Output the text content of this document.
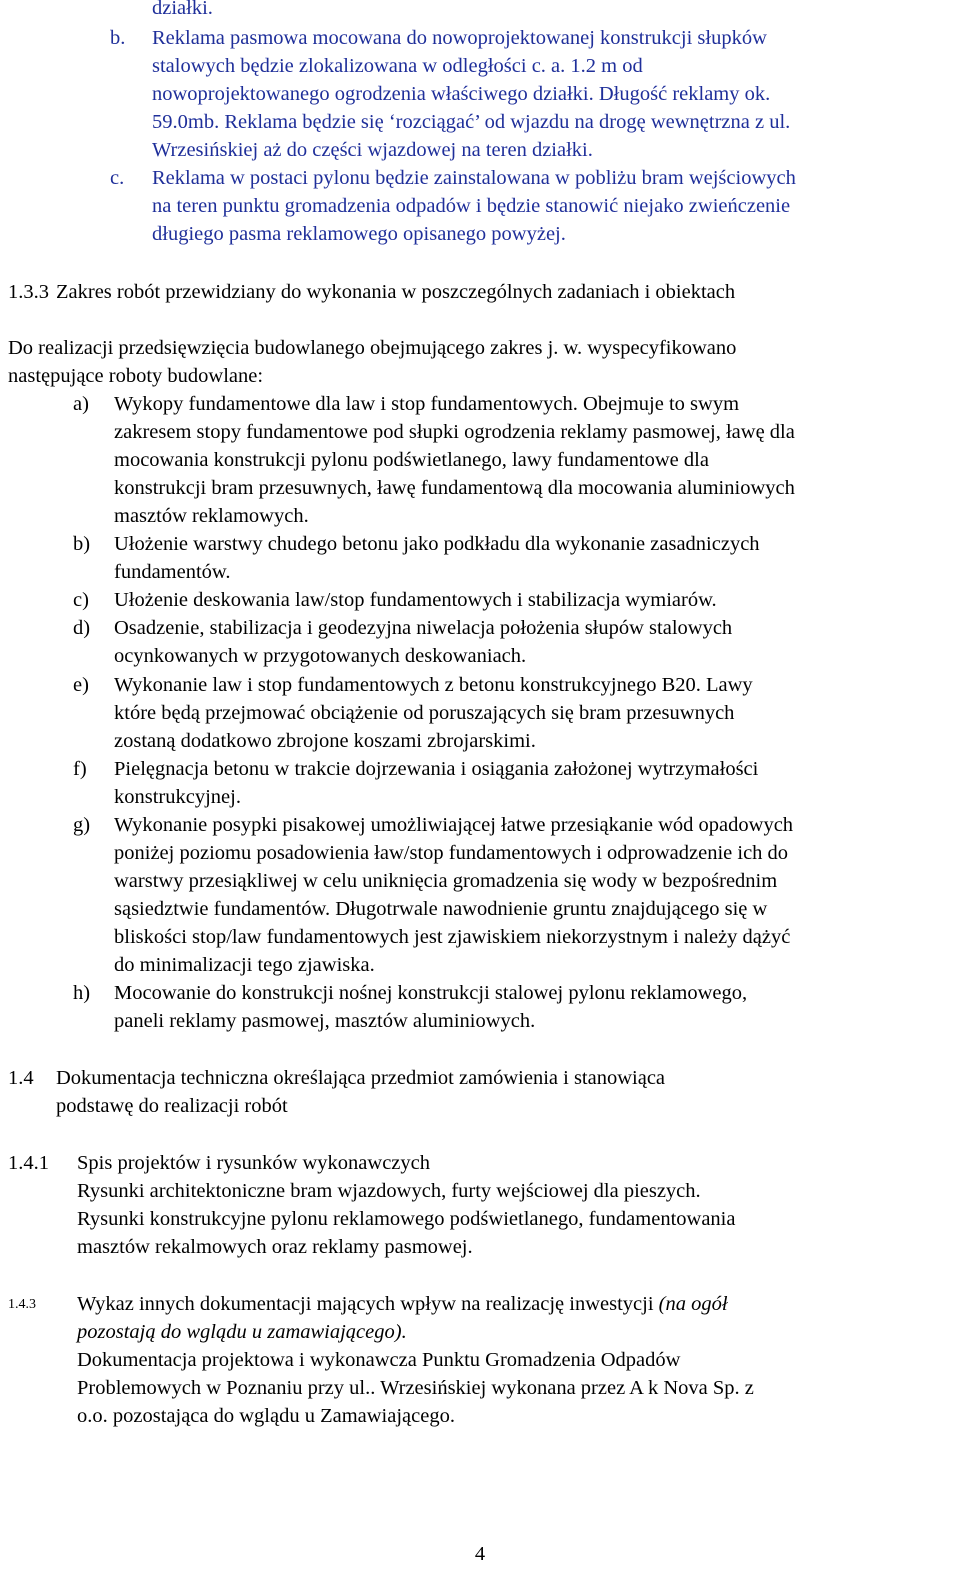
działki.
b. Reklama pasmowa mocowana do nowoprojektowanej konstrukcji słupków
stalowych będzie zlokalizowana w odległości c. a. 1.2 m od
nowoprojektowanego ogrodzenia właściwego działki. Długość reklamy ok.
59.0mb. Reklama będzie się ‘rozciągać’ od wjazdu na drogę wewnętrzna z ul.
Wrzesińskiej aż do części wjazdowej na teren działki.
c. Reklama w postaci pylonu będzie zainstalowana w pobliżu bram wejściowych
na teren punktu gromadzenia odpadów i będzie stanowić niejako zwieńczenie
długiego pasma reklamowego opisanego powyżej.
1.3.3 Zakres robót przewidziany do wykonania w poszczególnych zadaniach i obiektach
Do realizacji przedsięwzięcia budowlanego obejmującego zakres j. w. wyspecyfikowano
następujące roboty budowlane:
a) Wykopy fundamentowe dla law i stop fundamentowych. Obejmuje to swym
zakresem stopy fundamentowe pod słupki ogrodzenia reklamy pasmowej, ławę dla
mocowania konstrukcji pylonu podświetlanego, lawy fundamentowe dla
konstrukcji bram przesuwnych, ławę fundamentową dla mocowania aluminiowych
masztów reklamowych.
b) Ułożenie warstwy chudego betonu jako podkładu dla wykonanie zasadniczych
fundamentów.
c) Ułożenie deskowania law/stop fundamentowych i stabilizacja wymiarów.
d) Osadzenie, stabilizacja i geodezyjna niwelacja położenia słupów stalowych
ocynkowanych w przygotowanych deskowaniach.
e) Wykonanie law i stop fundamentowych z betonu konstrukcyjnego B20. Lawy
które będą przejmować obciążenie od poruszających się bram przesuwnych
zostaną dodatkowo zbrojone koszami zbrojarskimi.
f) Pielęgnacja betonu w trakcie dojrzewania i osiągania założonej wytrzymałości
konstrukcyjnej.
g) Wykonanie posypki pisakowej umożliwiającej łatwe przesiąkanie wód opadowych
poniżej poziomu posadowienia ław/stop fundamentowych i odprowadzenie ich do
warstwy przesiąkliwej w celu uniknięcia gromadzenia się wody w bezpośrednim
sąsiedztwie fundamentów. Długotrwale nawodnienie gruntu znajdującego się w
bliskości stop/law fundamentowych jest zjawiskiem niekorzystnym i należy dążyć
do minimalizacji tego zjawiska.
h) Mocowanie do konstrukcji nośnej konstrukcji stalowej pylonu reklamowego,
paneli reklamy pasmowej, masztów aluminiowych.
1.4 Dokumentacja techniczna określająca przedmiot zamówienia i stanowiąca
podstawę do realizacji robót
1.4.1 Spis projektów i rysunków wykonawczych
Rysunki architektoniczne bram wjazdowych, furty wejściowej dla pieszych.
Rysunki konstrukcyjne pylonu reklamowego podświetlanego, fundamentowania
masztów rekalmowych oraz reklamy pasmowej.
1.4.3 Wykaz innych dokumentacji mających wpływ na realizację inwestycji (na ogół
pozostają do wglądu u zamawiającego).
Dokumentacja projektowa i wykonawcza Punktu Gromadzenia Odpadów
Problemowych w Poznaniu przy ul.. Wrzesińskiej wykonana przez A k Nova Sp. z
o.o. pozostająca do wglądu u Zamawiającego.
4
